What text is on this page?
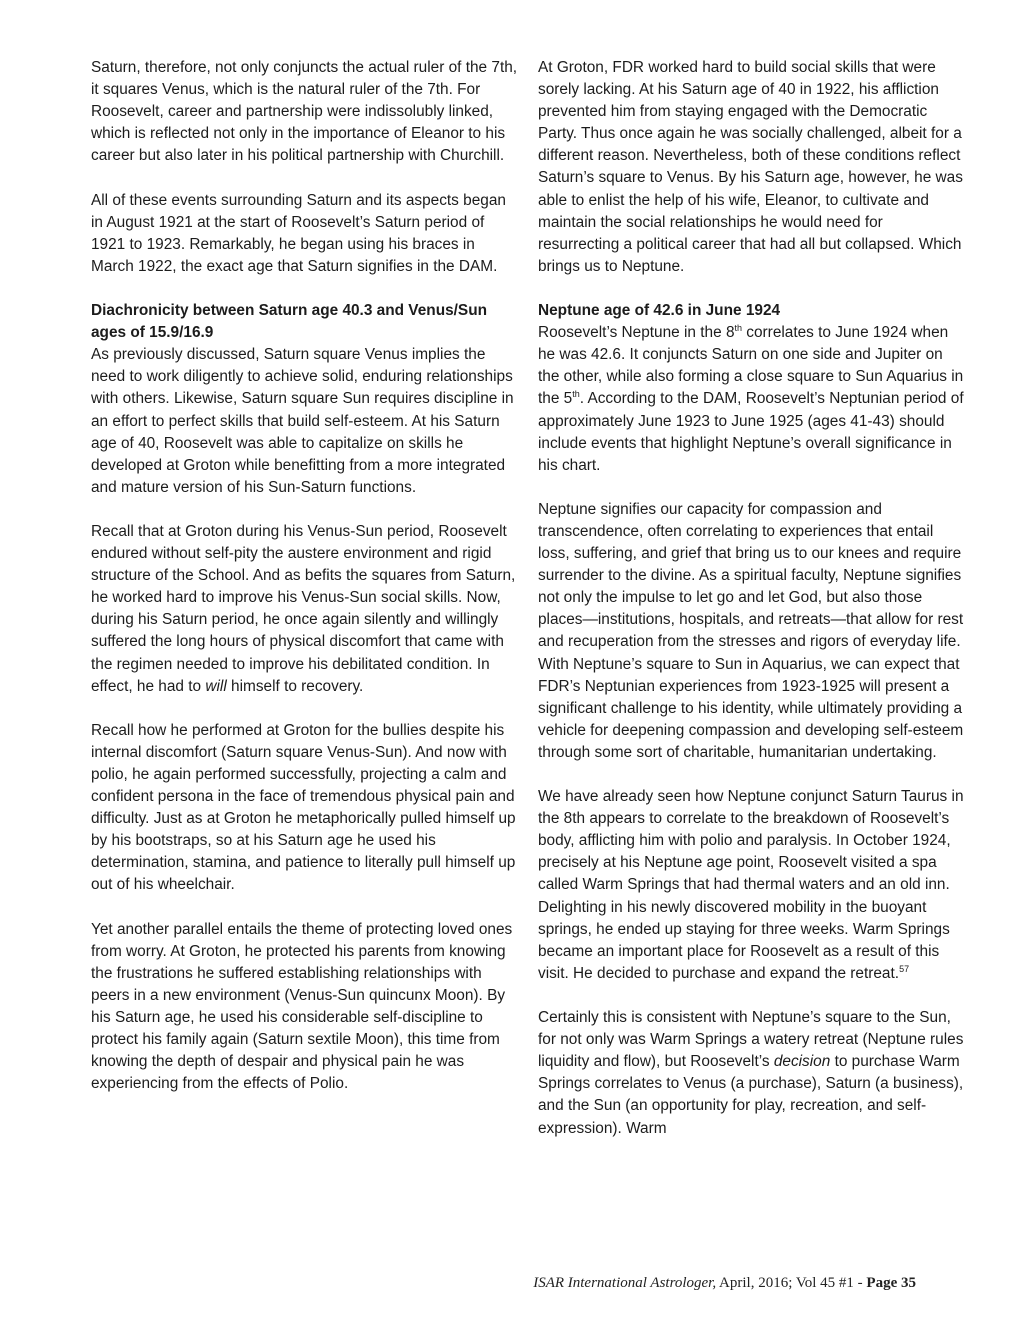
Saturn, therefore, not only conjuncts the actual ruler of the 7th, it squares Venus, which is the natural ruler of the 7th. For Roosevelt, career and partnership were indissolubly linked, which is reflected not only in the importance of Eleanor to his career but also later in his political partnership with Churchill.

All of these events surrounding Saturn and its aspects began in August 1921 at the start of Roosevelt’s Saturn period of 1921 to 1923. Remarkably, he began using his braces in March 1922, the exact age that Saturn signifies in the DAM.

Diachronicity between Saturn age 40.3 and Venus/Sun ages of 15.9/16.9

As previously discussed, Saturn square Venus implies the need to work diligently to achieve solid, enduring relationships with others. Likewise, Saturn square Sun requires discipline in an effort to perfect skills that build self-esteem. At his Saturn age of 40, Roosevelt was able to capitalize on skills he developed at Groton while benefitting from a more integrated and mature version of his Sun-Saturn functions.

Recall that at Groton during his Venus-Sun period, Roosevelt endured without self-pity the austere environment and rigid structure of the School. And as befits the squares from Saturn, he worked hard to improve his Venus-Sun social skills. Now, during his Saturn period, he once again silently and willingly suffered the long hours of physical discomfort that came with the regimen needed to improve his debilitated condition. In effect, he had to will himself to recovery.

Recall how he performed at Groton for the bullies despite his internal discomfort (Saturn square Venus-Sun). And now with polio, he again performed successfully, projecting a calm and confident persona in the face of tremendous physical pain and difficulty. Just as at Groton he metaphorically pulled himself up by his bootstraps, so at his Saturn age he used his determination, stamina, and patience to literally pull himself up out of his wheelchair.

Yet another parallel entails the theme of protecting loved ones from worry. At Groton, he protected his parents from knowing the frustrations he suffered establishing relationships with peers in a new environment (Venus-Sun quincunx Moon). By his Saturn age, he used his considerable self-discipline to protect his family again (Saturn sextile Moon), this time from knowing the depth of despair and physical pain he was experiencing from the effects of Polio.

At Groton, FDR worked hard to build social skills that were sorely lacking. At his Saturn age of 40 in 1922, his affliction prevented him from staying engaged with the Democratic Party. Thus once again he was socially challenged, albeit for a different reason. Nevertheless, both of these conditions reflect Saturn’s square to Venus. By his Saturn age, however, he was able to enlist the help of his wife, Eleanor, to cultivate and maintain the social relationships he would need for resurrecting a political career that had all but collapsed. Which brings us to Neptune.

Neptune age of 42.6 in June 1924

Roosevelt’s Neptune in the 8th correlates to June 1924 when he was 42.6. It conjuncts Saturn on one side and Jupiter on the other, while also forming a close square to Sun Aquarius in the 5th. According to the DAM, Roosevelt’s Neptunian period of approximately June 1923 to June 1925 (ages 41-43) should include events that highlight Neptune’s overall significance in his chart.

Neptune signifies our capacity for compassion and transcendence, often correlating to experiences that entail loss, suffering, and grief that bring us to our knees and require surrender to the divine. As a spiritual faculty, Neptune signifies not only the impulse to let go and let God, but also those places—institutions, hospitals, and retreats—that allow for rest and recuperation from the stresses and rigors of everyday life. With Neptune’s square to Sun in Aquarius, we can expect that FDR’s Neptunian experiences from 1923-1925 will present a significant challenge to his identity, while ultimately providing a vehicle for deepening compassion and developing self-esteem through some sort of charitable, humanitarian undertaking.

We have already seen how Neptune conjunct Saturn Taurus in the 8th appears to correlate to the breakdown of Roosevelt’s body, afflicting him with polio and paralysis. In October 1924, precisely at his Neptune age point, Roosevelt visited a spa called Warm Springs that had thermal waters and an old inn. Delighting in his newly discovered mobility in the buoyant springs, he ended up staying for three weeks. Warm Springs became an important place for Roosevelt as a result of this visit. He decided to purchase and expand the retreat.$^{57}$

Certainly this is consistent with Neptune’s square to the Sun, for not only was Warm Springs a watery retreat (Neptune rules liquidity and flow), but Roosevelt’s decision to purchase Warm Springs correlates to Venus (a purchase), Saturn (a business), and the Sun (an opportunity for play, recreation, and self-expression). Warm

ISAR International Astrologer, April, 2016; Vol 45 #1 - Page 35
